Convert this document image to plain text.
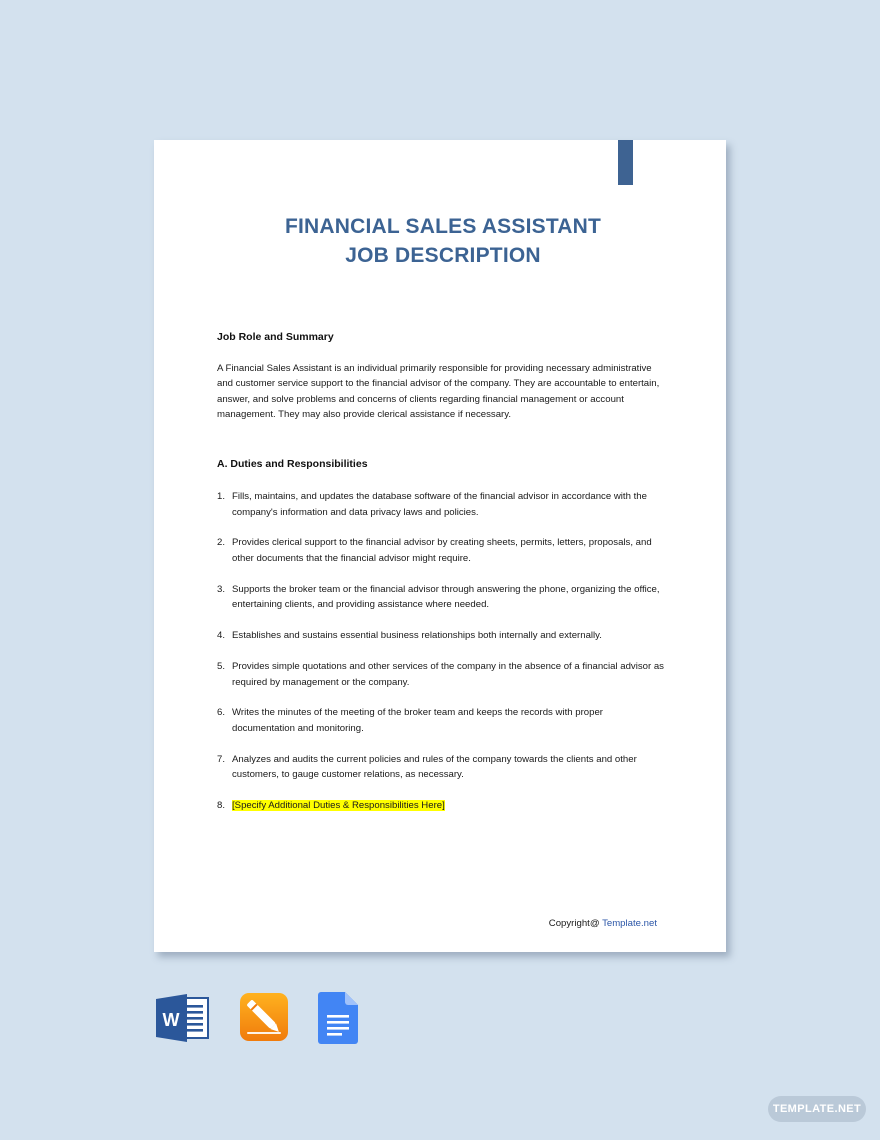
FINANCIAL SALES ASSISTANT
JOB DESCRIPTION
Job Role and Summary

A Financial Sales Assistant is an individual primarily responsible for providing necessary administrative and customer service support to the financial advisor of the company. They are accountable to entertain, answer, and solve problems and concerns of clients regarding financial management or account management. They may also provide clerical assistance if necessary.

A. Duties and Responsibilities
1. Fills, maintains, and updates the database software of the financial advisor in accordance with the company's information and data privacy laws and policies.
2. Provides clerical support to the financial advisor by creating sheets, permits, letters, proposals, and other documents that the financial advisor might require.
3. Supports the broker team or the financial advisor through answering the phone, organizing the office, entertaining clients, and providing assistance where needed.
4. Establishes and sustains essential business relationships both internally and externally.
5. Provides simple quotations and other services of the company in the absence of a financial advisor as required by management or the company.
6. Writes the minutes of the meeting of the broker team and keeps the records with proper documentation and monitoring.
7. Analyzes and audits the current policies and rules of the company towards the clients and other customers, to gauge customer relations, as necessary.
8. [Specify Additional Duties & Responsibilities Here]
Copyright@ Template.net
W
TEMPLATE.NET
